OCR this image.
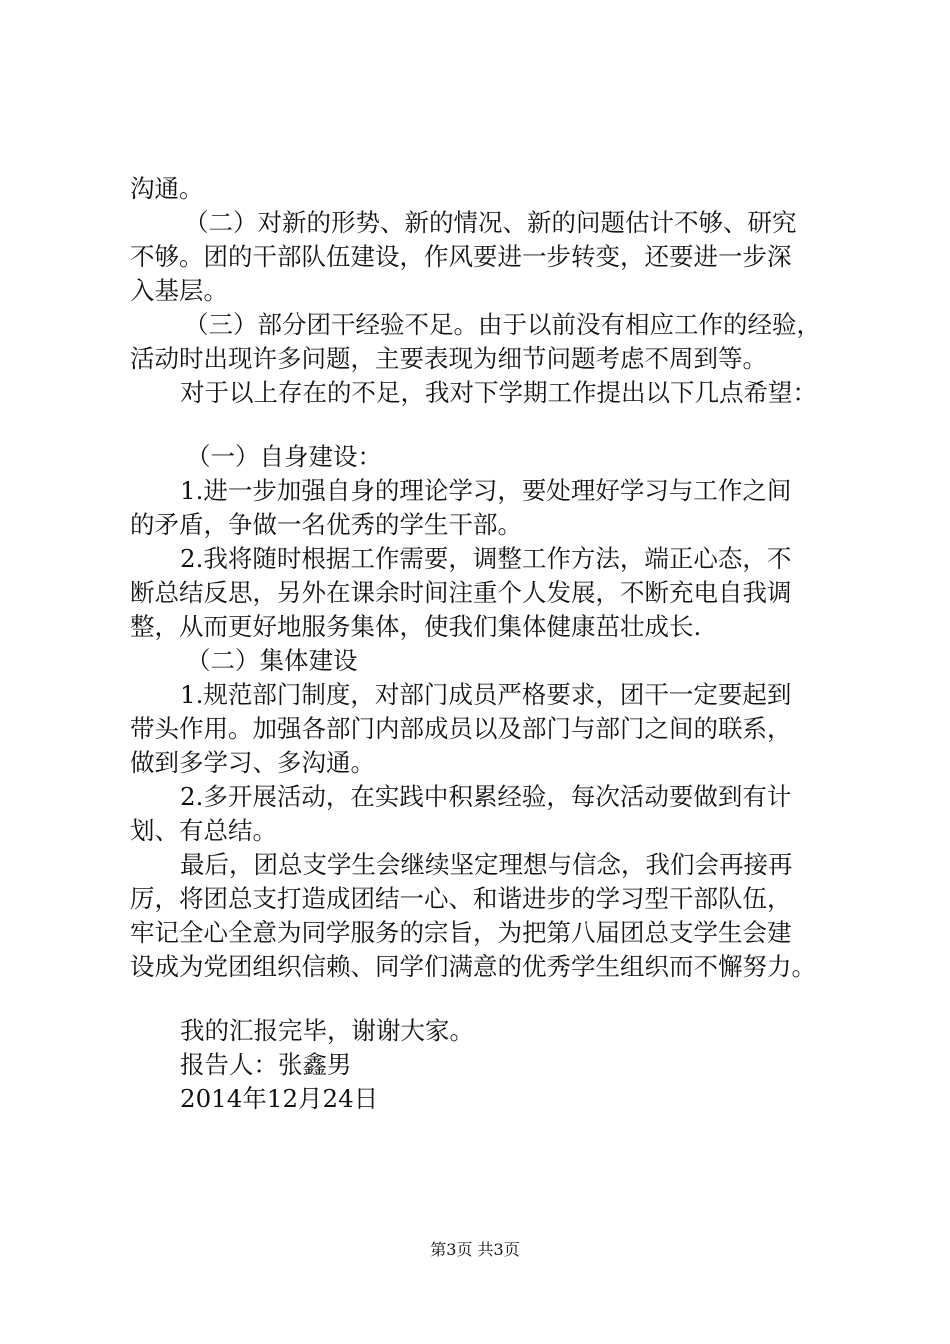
沟通。
（二）对新的形势、新的情况、新的问题估计不够、研究
不够。团的干部队伍建设，作风要进一步转变，还要进一步深
入基层。
（三）部分团干经验不足。由于以前没有相应工作的经验，
活动时出现许多问题，主要表现为细节问题考虑不周到等。
对于以上存在的不足，我对下学期工作提出以下几点希望：
（一）自身建设：
1.进一步加强自身的理论学习，要处理好学习与工作之间
的矛盾，争做一名优秀的学生干部。
2.我将随时根据工作需要，调整工作方法，端正心态，不
断总结反思，另外在课余时间注重个人发展，不断充电自我调
整，从而更好地服务集体，使我们集体健康茁壮成长.
（二）集体建设
1.规范部门制度，对部门成员严格要求，团干一定要起到
带头作用。加强各部门内部成员以及部门与部门之间的联系，
做到多学习、多沟通。
2.多开展活动，在实践中积累经验，每次活动要做到有计
划、有总结。
最后，团总支学生会继续坚定理想与信念，我们会再接再
厉，将团总支打造成团结一心、和谐进步的学习型干部队伍，
牢记全心全意为同学服务的宗旨，为把第八届团总支学生会建
设成为党团组织信赖、同学们满意的优秀学生组织而不懈努力。
我的汇报完毕，谢谢大家。
报告人：张鑫男
2014年12月24日
第3页 共3页
